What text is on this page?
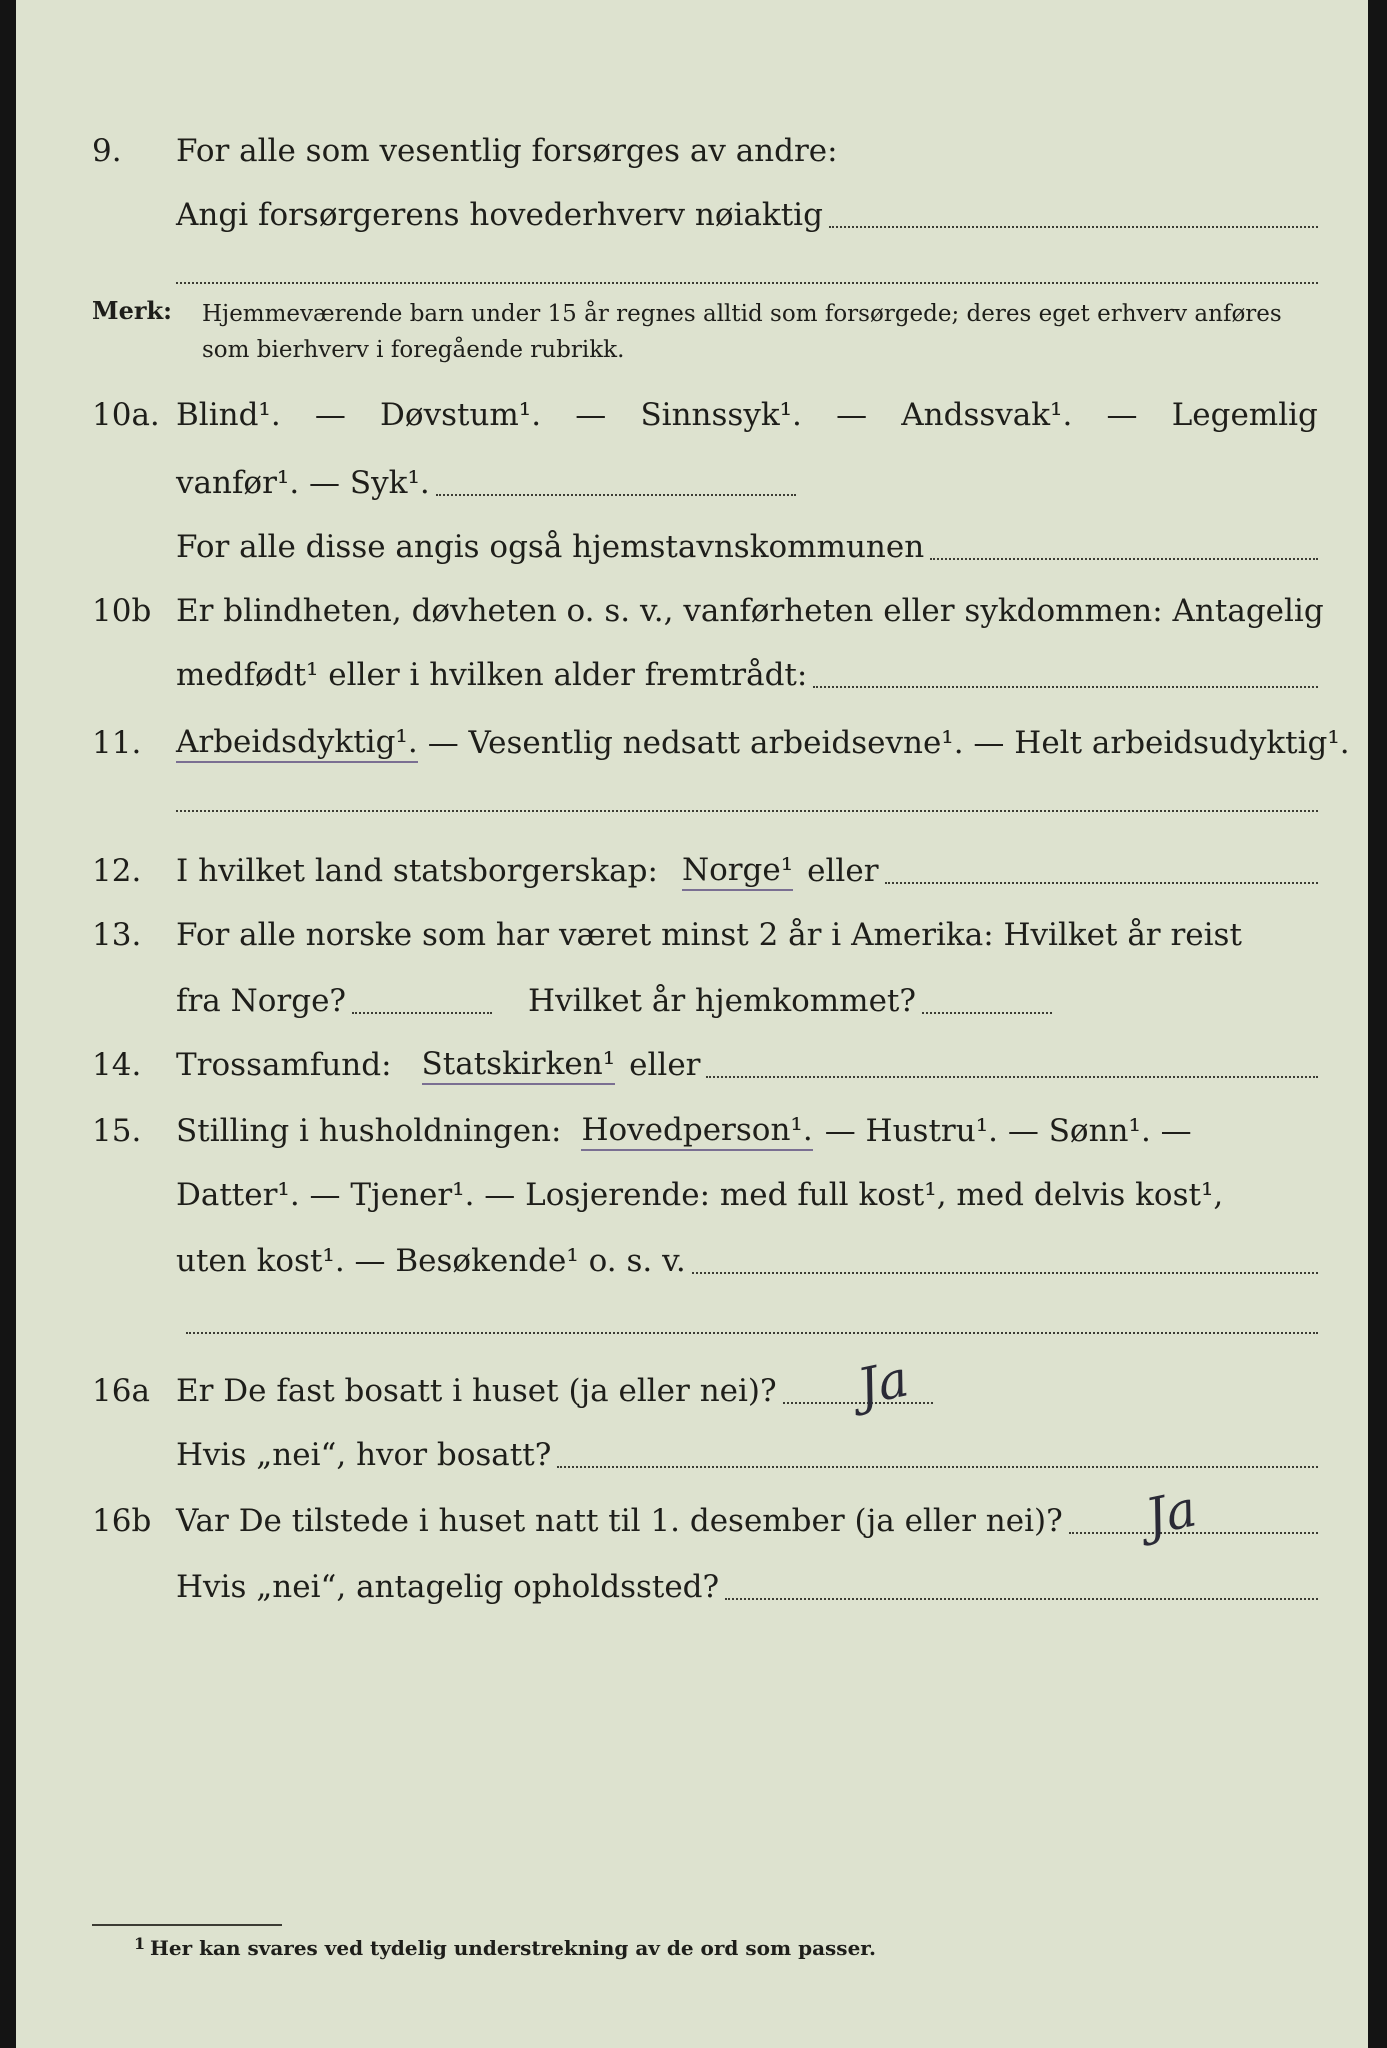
9.	For alle som vesentlig forsørges av andre:
Angi forsørgerens hovederhverv nøiaktig
Merk: Hjemmeværende barn under 15 år regnes alltid som forsørgede; deres eget erhverv anføres som bierhverv i foregående rubrikk.
10a. Blind¹. — Døvstum¹. — Sinnssyk¹. — Andssvak¹. — Legemlig
vanfør¹. — Syk¹.
For alle disse angis også hjemstavnskommunen
10b Er blindheten, døvheten o. s. v., vanførheten eller sykdommen: Antagelig
medfødt¹ eller i hvilken alder fremtrådt:
11.	Arbeidsdyktig¹. — Vesentlig nedsatt arbeidsevne¹. — Helt arbeidsudyktig¹.
12.	I hvilket land statsborgerskap: Norge¹ eller
13.	For alle norske som har været minst 2 år i Amerika: Hvilket år reist
fra Norge?	Hvilket år hjemkommet?
14.	Trossamfund: Statskirken¹ eller
15.	Stilling i husholdningen: Hovedperson¹. — Hustru¹. — Sønn¹. —
Datter¹. — Tjener¹. — Losjerende: med full kost¹, med delvis kost¹,
uten kost¹. — Besøkende¹ o. s. v.
16a Er De fast bosatt i huset (ja eller nei)? Ja
Hvis „nei“, hvor bosatt?
16b Var De tilstede i huset natt til 1. desember (ja eller nei)? Ja
Hvis „nei“, antagelig opholdssted?
1 Her kan svares ved tydelig understrekning av de ord som passer.
